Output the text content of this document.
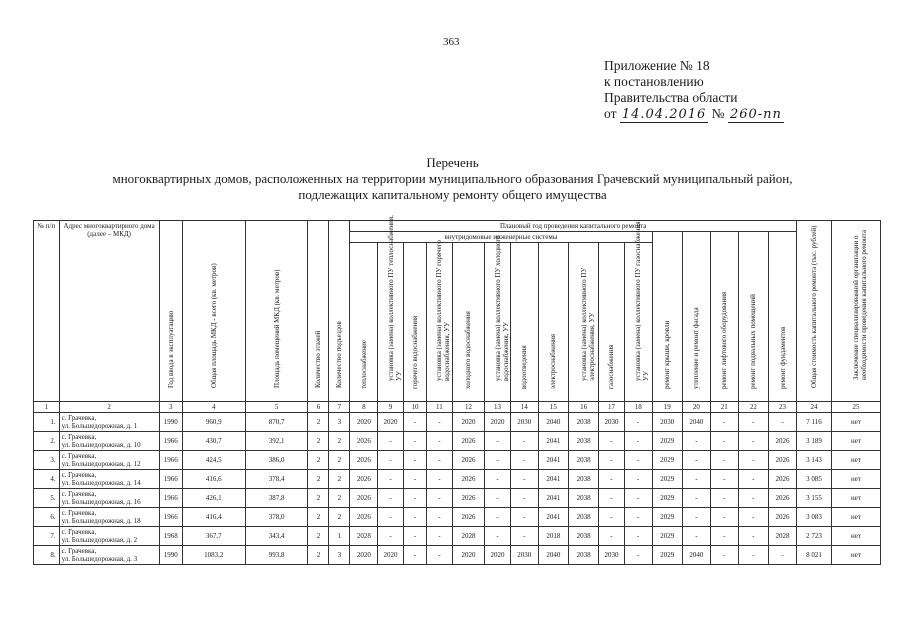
363
Приложение № 18
к постановлению
Правительства области
от 14.04.2016 № 260-пп
Перечень
многоквартирных домов, расположенных на территории муниципального образования Грачевский муниципальный район,
подлежащих капитальному ремонту общего имущества
№ п/п	Адрес многоквартирного дома (далее – МКД)	Год ввода в эксплуатацию	Общая площадь МКД - всего (кв. метров)	Площадь помещений МКД (кв. метров)	Количество этажей	Количество подъездов	Плановый год проведения капитального ремонта																Общая стоимость капитального ремонта (тыс. рублей)	Заключение специализированной организации о необходимости проведения капитального ремонта

							внутридомовые инженерные системы											ремонт крыши, кровли	утепление и ремонт фасада	ремонт лифтового оборудования	ремонт подвальных помещений	ремонт фундаментов		

							теплоснабжение	установка (замена) коллективного ПУ теплоснабжения, УУ	горячего водоснабжения	установка (замена) коллективного ПУ горячего водоснабжения, УУ	холодного водоснабжения	установка (замена) коллективного ПУ холодного водоснабжения, УУ	водоотведения	электроснабжения	установка (замена) коллективного ПУ электроснабжения, УУ	газоснабжения	установка (замена) коллективного ПУ газоснабжения, УУ							

1	2	3	4	5	6	7	8	9	10	11	12	13	14	15	16	17	18	19	20	21	22	23	24	25
1.	с. Грачевка,
ул. Большедорожная, д. 1	1990	960,9	870,7	2	3	2020	2020	-	-	2020	2020	2030	2040	2038	2030	-	2030	2040	-	-	-	7 116	нет
2.	с. Грачевка,
ул. Большедорожная, д. 10	1966	430,7	392,1	2	2	2026	-	-	-	2026	-	-	2041	2038	-	-	2029	-	-	-	2026	3 189	нет
3.	с. Грачевка,
ул. Большедорожная, д. 12	1966	424,5	386,0	2	2	2026	-	-	-	2026	-	-	2041	2038	-	-	2029	-	-	-	2026	3 143	нет
4.	с. Грачевка,
ул. Большедорожная, д. 14	1966	416,6	378,4	2	2	2026	-	-	-	2026	-	-	2041	2038	-	-	2029	-	-	-	2026	3 085	нет
5.	с. Грачевка,
ул. Большедорожная, д. 16	1966	426,1	387,8	2	2	2026	-	-	-	2026	-	-	2041	2038	-	-	2029	-	-	-	2026	3 155	нет
6.	с. Грачевка,
ул. Большедорожная, д. 18	1966	416,4	378,0	2	2	2026	-	-	-	2026	-	-	2041	2038	-	-	2029	-	-	-	2026	3 083	нет
7.	с. Грачевка,
ул. Большедорожная, д. 2	1968	367,7	343,4	2	1	2028	-	-	-	2028	-	-	2018	2038	-	-	2029	-	-	-	2028	2 723	нет
8.	с. Грачевка,
ул. Большедорожная, д. 3	1990	1083,2	993,8	2	3	2020	2020	-	-	2020	2020	2030	2040	2038	2030	-	2029	2040	-	-	-	8 021	нет
